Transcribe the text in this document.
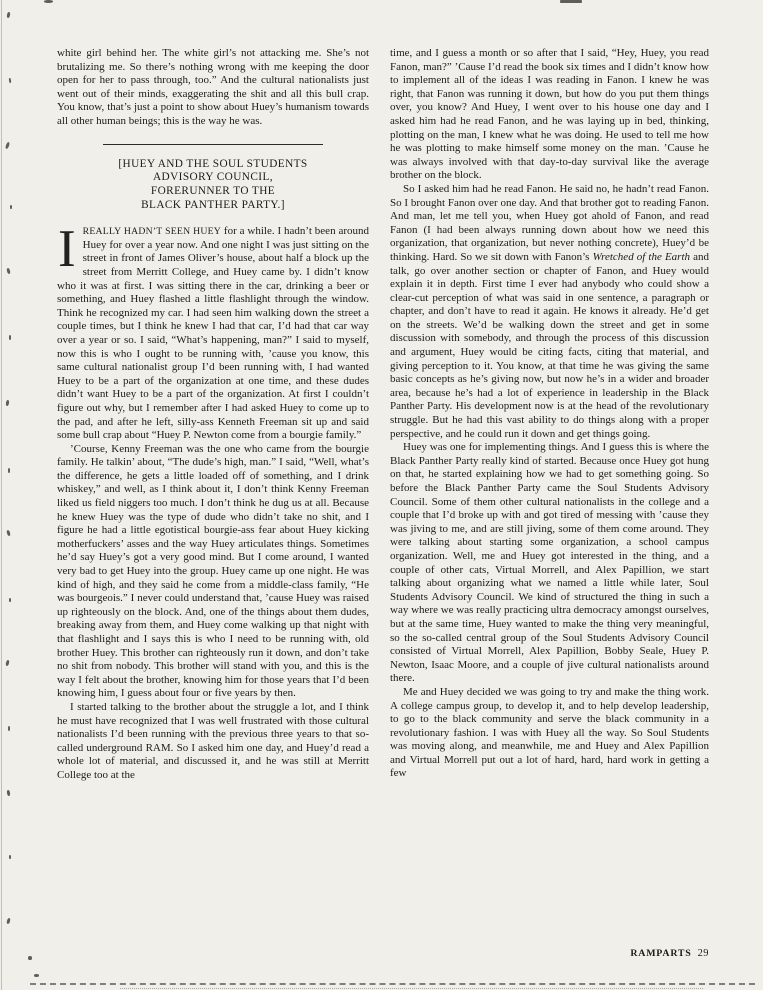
white girl behind her. The white girl’s not attacking me. She’s not brutalizing me. So there’s nothing wrong with me keeping the door open for her to pass through, too.” And the cultural nationalists just went out of their minds, exaggerating the shit and all this bull crap. You know, that’s just a point to show about Huey’s humanism towards all other human beings; this is the way he was.

[HUEY AND THE SOUL STUDENTS
ADVISORY COUNCIL,
FORERUNNER TO THE
BLACK PANTHER PARTY.]

IREALLY HADN’T SEEN HUEY for a while. I hadn’t been around Huey for over a year now. And one night I was just sitting on the street in front of James Oliver’s house, about half a block up the street from Merritt College, and Huey came by. I didn’t know who it was at first. I was sitting there in the car, drinking a beer or something, and Huey flashed a little flashlight through the window. Think he recognized my car. I had seen him walking down the street a couple times, but I think he knew I had that car, I’d had that car way over a year or so. I said, “What’s happening, man?” I said to myself, now this is who I ought to be running with, ’cause you know, this same cultural nationalist group I’d been running with, I had wanted Huey to be a part of the organization at one time, and these dudes didn’t want Huey to be a part of the organization. At first I couldn’t figure out why, but I remember after I had asked Huey to come up to the pad, and after he left, silly-ass Kenneth Freeman sit up and said some bull crap about “Huey P. Newton come from a bourgie family.”

’Course, Kenny Freeman was the one who came from the bourgie family. He talkin’ about, “The dude’s high, man.” I said, “Well, what’s the difference, he gets a little loaded off of something, and I drink whiskey,” and well, as I think about it, I don’t think Kenny Freeman liked us field niggers too much. I don’t think he dug us at all. Because he knew Huey was the type of dude who didn’t take no shit, and I figure he had a little egotistical bourgie-ass fear about Huey kicking motherfuckers’ asses and the way Huey articulates things. Sometimes he’d say Huey’s got a very good mind. But I come around, I wanted very bad to get Huey into the group. Huey came up one night. He was kind of high, and they said he come from a middle-class family, “He was bourgeois.” I never could understand that, ’cause Huey was raised up righteously on the block. And, one of the things about them dudes, breaking away from them, and Huey come walking up that night with that flashlight and I says this is who I need to be running with, old brother Huey. This brother can righteously run it down, and don’t take no shit from nobody. This brother will stand with you, and this is the way I felt about the brother, knowing him for those years that I’d been knowing him, I guess about four or five years by then.

I started talking to the brother about the struggle a lot, and I think he must have recognized that I was well frustrated with those cultural nationalists I’d been running with the previous three years to that so-called underground RAM. So I asked him one day, and Huey’d read a whole lot of material, and discussed it, and he was still at Merritt College too at the

time, and I guess a month or so after that I said, “Hey, Huey, you read Fanon, man?” ’Cause I’d read the book six times and I didn’t know how to implement all of the ideas I was reading in Fanon. I knew he was right, that Fanon was running it down, but how do you put them things over, you know? And Huey, I went over to his house one day and I asked him had he read Fanon, and he was laying up in bed, thinking, plotting on the man, I knew what he was doing. He used to tell me how he was plotting to make himself some money on the man. ’Cause he was always involved with that day-to-day survival like the average brother on the block.

So I asked him had he read Fanon. He said no, he hadn’t read Fanon. So I brought Fanon over one day. And that brother got to reading Fanon. And man, let me tell you, when Huey got ahold of Fanon, and read Fanon (I had been always running down about how we need this organization, that organization, but never nothing concrete), Huey’d be thinking. Hard. So we sit down with Fanon’s Wretched of the Earth and talk, go over another section or chapter of Fanon, and Huey would explain it in depth. First time I ever had anybody who could show a clear-cut perception of what was said in one sentence, a paragraph or chapter, and don’t have to read it again. He knows it already. He’d get on the streets. We’d be walking down the street and get in some discussion with somebody, and through the process of this discussion and argument, Huey would be citing facts, citing that material, and giving perception to it. You know, at that time he was giving the same basic concepts as he’s giving now, but now he’s in a wider and broader area, because he’s had a lot of experience in leadership in the Black Panther Party. His development now is at the head of the revolutionary struggle. But he had this vast ability to do things along with a proper perspective, and he could run it down and get things going.

Huey was one for implementing things. And I guess this is where the Black Panther Party really kind of started. Because once Huey got hung on that, he started explaining how we had to get something going. So before the Black Panther Party came the Soul Students Advisory Council. Some of them other cultural nationalists in the college and a couple that I’d broke up with and got tired of messing with ’cause they was jiving to me, and are still jiving, some of them come around. They were talking about starting some organization, a school campus organization. Well, me and Huey got interested in the thing, and a couple of other cats, Virtual Morrell, and Alex Papillion, we start talking about organizing what we named a little while later, Soul Students Advisory Council. We kind of structured the thing in such a way where we was really practicing ultra democracy amongst ourselves, but at the same time, Huey wanted to make the thing very meaningful, so the so-called central group of the Soul Students Advisory Council consisted of Virtual Morrell, Alex Papillion, Bobby Seale, Huey P. Newton, Isaac Moore, and a couple of jive cultural nationalists around there.

Me and Huey decided we was going to try and make the thing work. A college campus group, to develop it, and to help develop leadership, to go to the black community and serve the black community in a revolutionary fashion. I was with Huey all the way. So Soul Students was moving along, and meanwhile, me and Huey and Alex Papillion and Virtual Morrell put out a lot of hard, hard, hard work in getting a few

RAMPARTS 29
